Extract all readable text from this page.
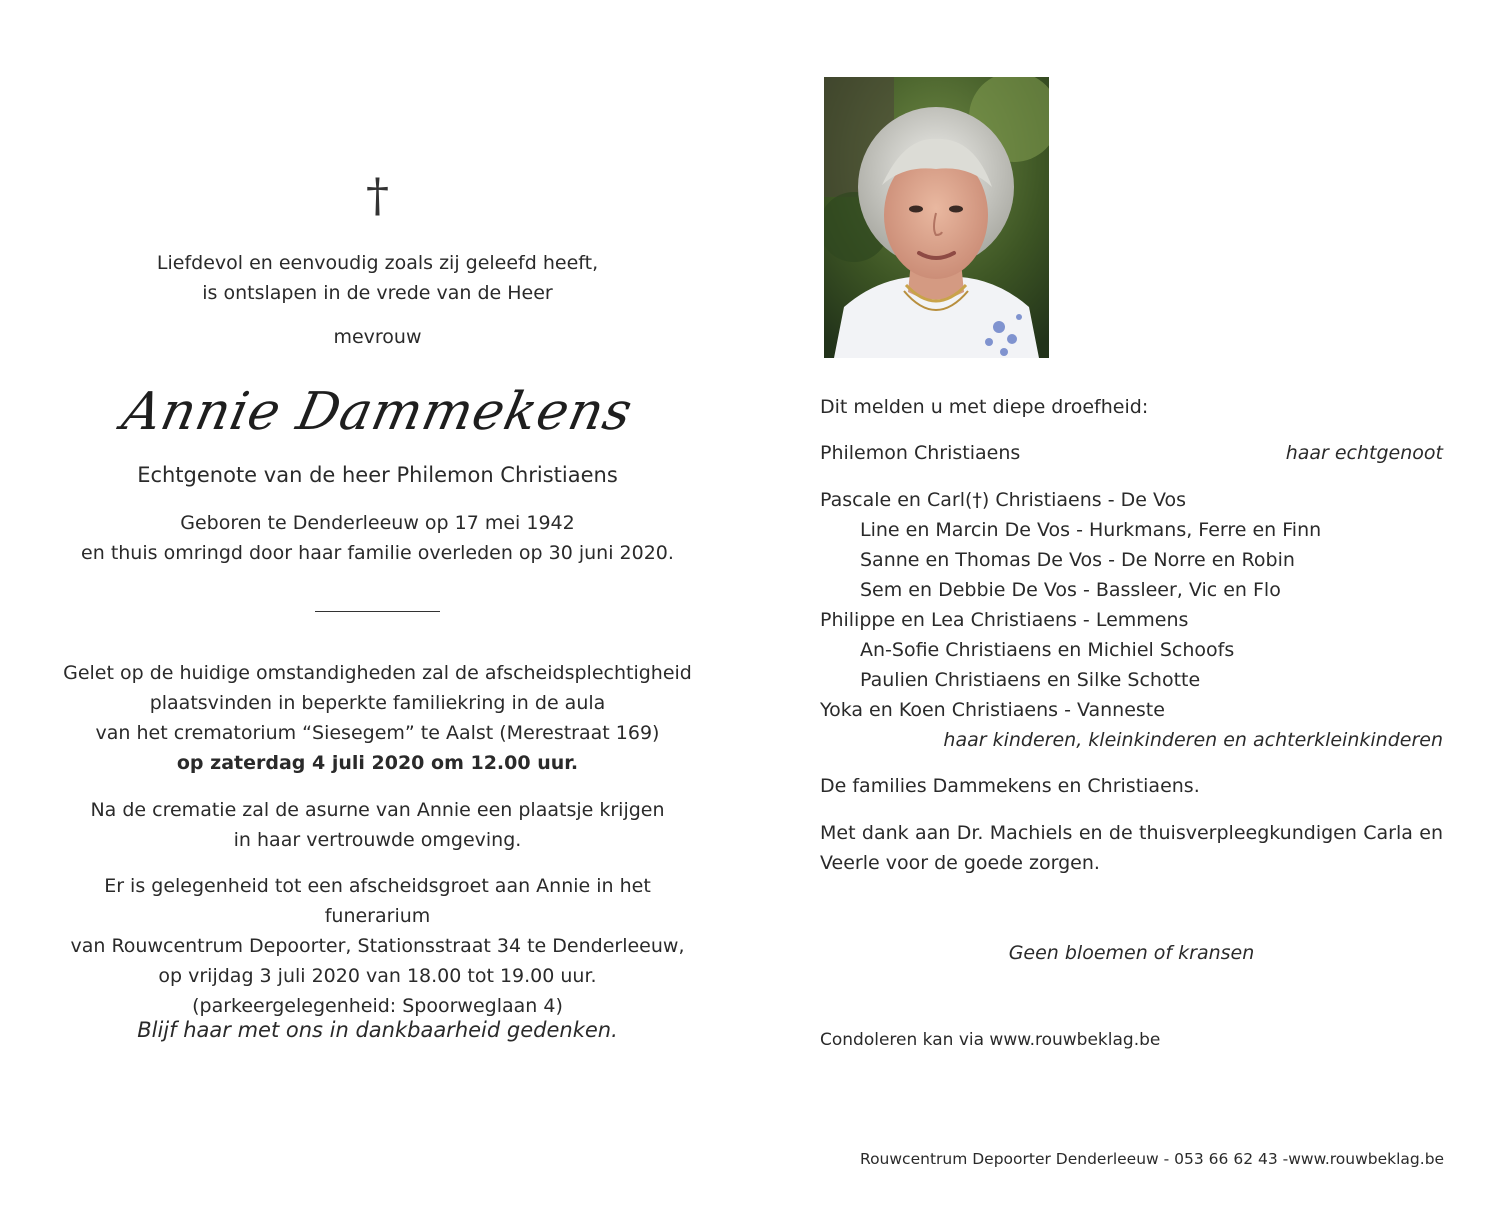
†
Liefdevol en eenvoudig zoals zij geleefd heeft,
is ontslapen in de vrede van de Heer
mevrouw
Annie Dammekens
Echtgenote van de heer Philemon Christiaens
Geboren te Denderleeuw op 17 mei 1942
en thuis omringd door haar familie overleden op 30 juni 2020.
Gelet op de huidige omstandigheden zal de afscheidsplechtigheid
plaatsvinden in beperkte familiekring in de aula
van het crematorium “Siesegem” te Aalst (Merestraat 169)
op zaterdag 4 juli 2020 om 12.00 uur.
Na de crematie zal de asurne van Annie een plaatsje krijgen
in haar vertrouwde omgeving.
Er is gelegenheid tot een afscheidsgroet aan Annie in het funerarium
van Rouwcentrum Depoorter, Stationsstraat 34 te Denderleeuw,
op vrijdag 3 juli 2020 van 18.00 tot 19.00 uur.
(parkeergelegenheid: Spoorweglaan 4)
Blijf haar met ons in dankbaarheid gedenken.
Dit melden u met diepe droefheid:
Philemon Christiaens	haar echtgenoot
Pascale en Carl(†) Christiaens - De Vos
Line en Marcin De Vos - Hurkmans, Ferre en Finn
Sanne en Thomas De Vos - De Norre en Robin
Sem en Debbie De Vos - Bassleer, Vic en Flo
Philippe en Lea Christiaens - Lemmens
An-Sofie Christiaens en Michiel Schoofs
Paulien Christiaens en Silke Schotte
Yoka en Koen Christiaens - Vanneste
haar kinderen, kleinkinderen en achterkleinkinderen
De families Dammekens en Christiaens.
Met dank aan Dr. Machiels en de thuisverpleegkundigen Carla en Veerle voor de goede zorgen.
Geen bloemen of kransen
Condoleren kan via www.rouwbeklag.be
Rouwcentrum Depoorter Denderleeuw - 053 66 62 43 -www.rouwbeklag.be
